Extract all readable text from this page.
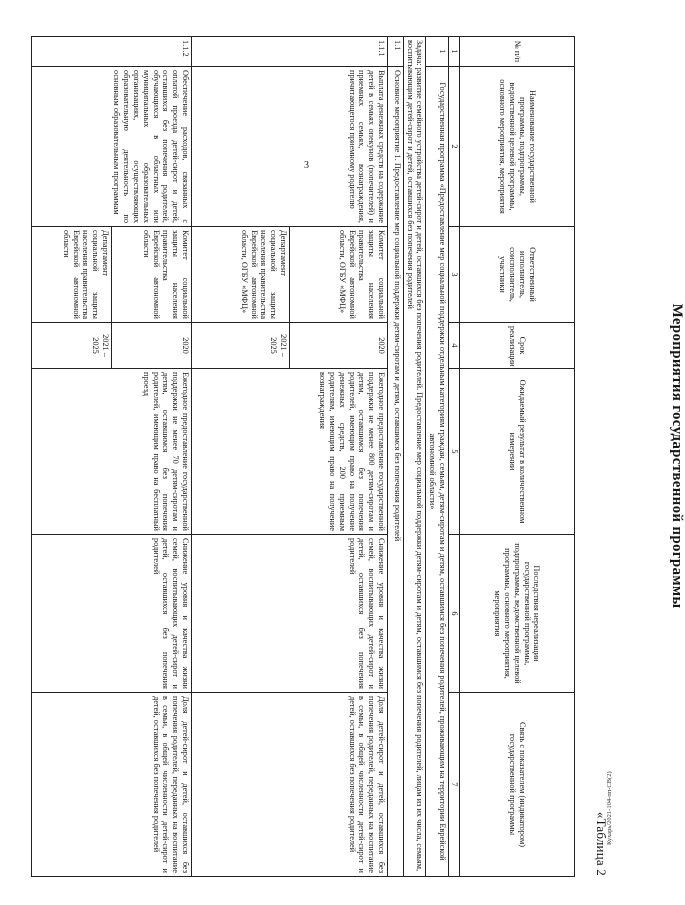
3
Мероприятия государственной программы
«Таблица 2
№ п/п	Наименование государственной программы, подпрограммы, ведомственной целевой программы, основного мероприятия, мероприятия	Ответственный исполнитель, соисполнитель, участники	Срок реализации	Ожидаемый результат в количественном измерении	Последствия нереализации государственной программы, подпрограммы, ведомственной целевой программы, основного мероприятия, мероприятия	Связь с показателем (индикатором) государственной программы
1	2	3	4	5	6	7
1	Государственная программа «Предоставление мер социальной поддержки отдельным категориям граждан, семьям, детям-сиротам и детям, оставшимся без попечения родителей, проживающим на территории Еврейской автономной области»					
Задача: развитие семейного устройства детей-сирот и детей, оставшихся без попечения родителей. Предоставление мер социальной поддержки детям-сиротам и детям, оставшимся без попечения родителей, лицам из их числа, семьям, воспитывающим детей-сирот и детей, оставшихся без попечения родителей						
1.1	Основное мероприятие 1. Предоставление мер социальной поддержки детям-сиротам и детям, оставшимся без попечения родителей					
1.1.1	Выплата денежных средств на содержание детей в семьях опекунов (попечителей) и приемных семьях, вознаграждения, причитающегося приемному родителю	Комитет социальной защиты населения правительства Еврейской автономной области, ОГБУ «МФЦ»	2020	Ежегодное предоставление государственной поддержки не менее 800 детям-сиротам и детям, оставшимся без попечения родителей, имеющим право на получение денежных средств, 200 приемным родителям, имеющим право на получение вознаграждения	Снижение уровня и качества жизни семей, воспитывающих детей-сирот и детей, оставшихся без попечения родителей	Доля детей-сирот и детей, оставшихся без попечения родителей, переданных на воспитание в семьи, в общей численности детей-сирот и детей, оставшихся без попечения родителей
		Департамент социальной защиты населения правительства Еврейской автономной области, ОГБУ «МФЦ»	2021 – 2025			
1.1.2	Обеспечение расходов, связанных с оплатой проезда детей-сирот и детей, оставшихся без попечения родителей, обучающихся в областных или муниципальных образовательных организациях, осуществляющих образовательную деятельность по основным образовательным программам	Комитет социальной защиты населения правительства Еврейской автономной области	2020	Ежегодное предоставление государственной поддержки не менее 70 детям-сиротам и детям, оставшимся без попечения родителей, имеющим право на бесплатный проезд	Снижение уровня и качества жизни семей, воспитывающих детей-сирот и детей, оставшихся без попечения родителей	Доля детей-сирот и детей, оставшихся без попечения родителей, переданных на воспитание в семьи, в общей численности детей-сирот и детей, оставшихся без попечения родителей
		Департамент социальной защиты населения правительства Еврейской автономной области	2021 – 2025			
Кухарь/2021-104-пп-СВ(2)
